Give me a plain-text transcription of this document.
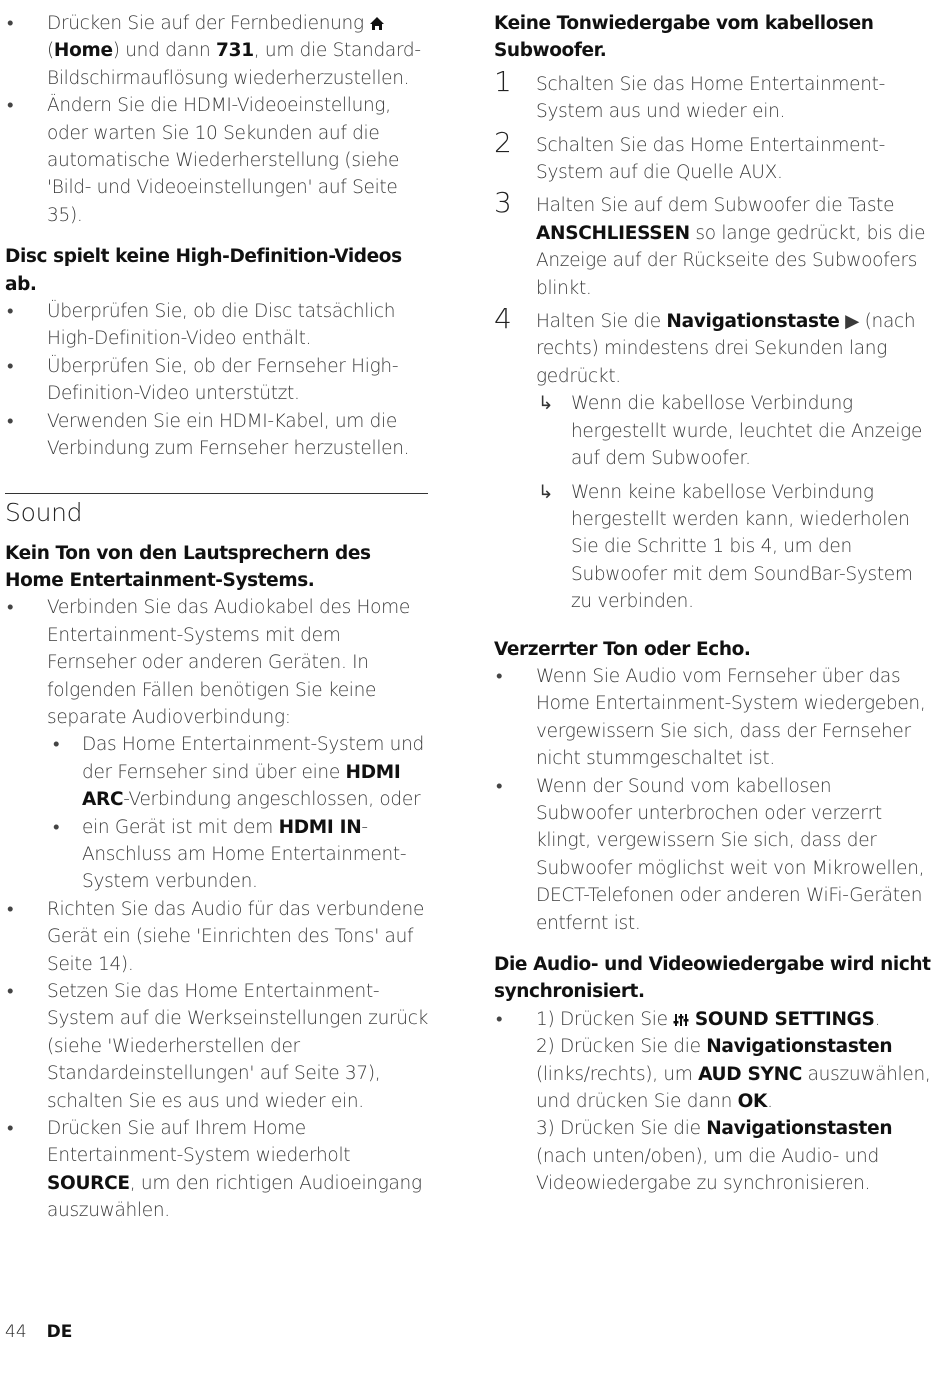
• Drücken Sie auf der Fernbedienung  (Home) und dann 731, um die Standard-Bildschirmauflösung wiederherzustellen.
• Ändern Sie die HDMI-Videoeinstellung, oder warten Sie 10 Sekunden auf die automatische Wiederherstellung (siehe 'Bild- und Videoeinstellungen' auf Seite 35).

Disc spielt keine High-Definition-Videos ab.

• Überprüfen Sie, ob die Disc tatsächlich High-Definition-Video enthält.
• Überprüfen Sie, ob der Fernseher High-Definition-Video unterstützt.
• Verwenden Sie ein HDMI-Kabel, um die Verbindung zum Fernseher herzustellen.

Sound

Kein Ton von den Lautsprechern des Home Entertainment-Systems.

• Verbinden Sie das Audiokabel des Home Entertainment-Systems mit dem Fernseher oder anderen Geräten. In folgenden Fällen benötigen Sie keine separate Audioverbindung:
• Das Home Entertainment-System und der Fernseher sind über eine HDMI ARC-Verbindung angeschlossen, oder
• ein Gerät ist mit dem HDMI IN-Anschluss am Home Entertainment-System verbunden.
• Richten Sie das Audio für das verbundene Gerät ein (siehe 'Einrichten des Tons' auf Seite 14).
• Setzen Sie das Home Entertainment-System auf die Werkseinstellungen zurück (siehe 'Wiederherstellen der Standardeinstellungen' auf Seite 37), schalten Sie es aus und wieder ein.
• Drücken Sie auf Ihrem Home Entertainment-System wiederholt SOURCE, um den richtigen Audioeingang auszuwählen.

Keine Tonwiedergabe vom kabellosen Subwoofer.

1 Schalten Sie das Home Entertainment-System aus und wieder ein.
2 Schalten Sie das Home Entertainment-System auf die Quelle AUX.
3 Halten Sie auf dem Subwoofer die Taste ANSCHLIESSEN so lange gedrückt, bis die Anzeige auf der Rückseite des Subwoofers blinkt.
4 Halten Sie die Navigationstaste ▶ (nach rechts) mindestens drei Sekunden lang gedrückt.
↳ Wenn die kabellose Verbindung hergestellt wurde, leuchtet die Anzeige auf dem Subwoofer.
↳ Wenn keine kabellose Verbindung hergestellt werden kann, wiederholen Sie die Schritte 1 bis 4, um den Subwoofer mit dem SoundBar-System zu verbinden.

Verzerrter Ton oder Echo.

• Wenn Sie Audio vom Fernseher über das Home Entertainment-System wiedergeben, vergewissern Sie sich, dass der Fernseher nicht stummgeschaltet ist.
• Wenn der Sound vom kabellosen Subwoofer unterbrochen oder verzerrt klingt, vergewissern Sie sich, dass der Subwoofer möglichst weit von Mikrowellen, DECT-Telefonen oder anderen WiFi-Geräten entfernt ist.

Die Audio- und Videowiedergabe wird nicht synchronisiert.

• 1) Drücken Sie  SOUND SETTINGS.
2) Drücken Sie die Navigationstasten (links/rechts), um AUD SYNC auszuwählen, und drücken Sie dann OK.
3) Drücken Sie die Navigationstasten (nach unten/oben), um die Audio- und Videowiedergabe zu synchronisieren.
44 DE
